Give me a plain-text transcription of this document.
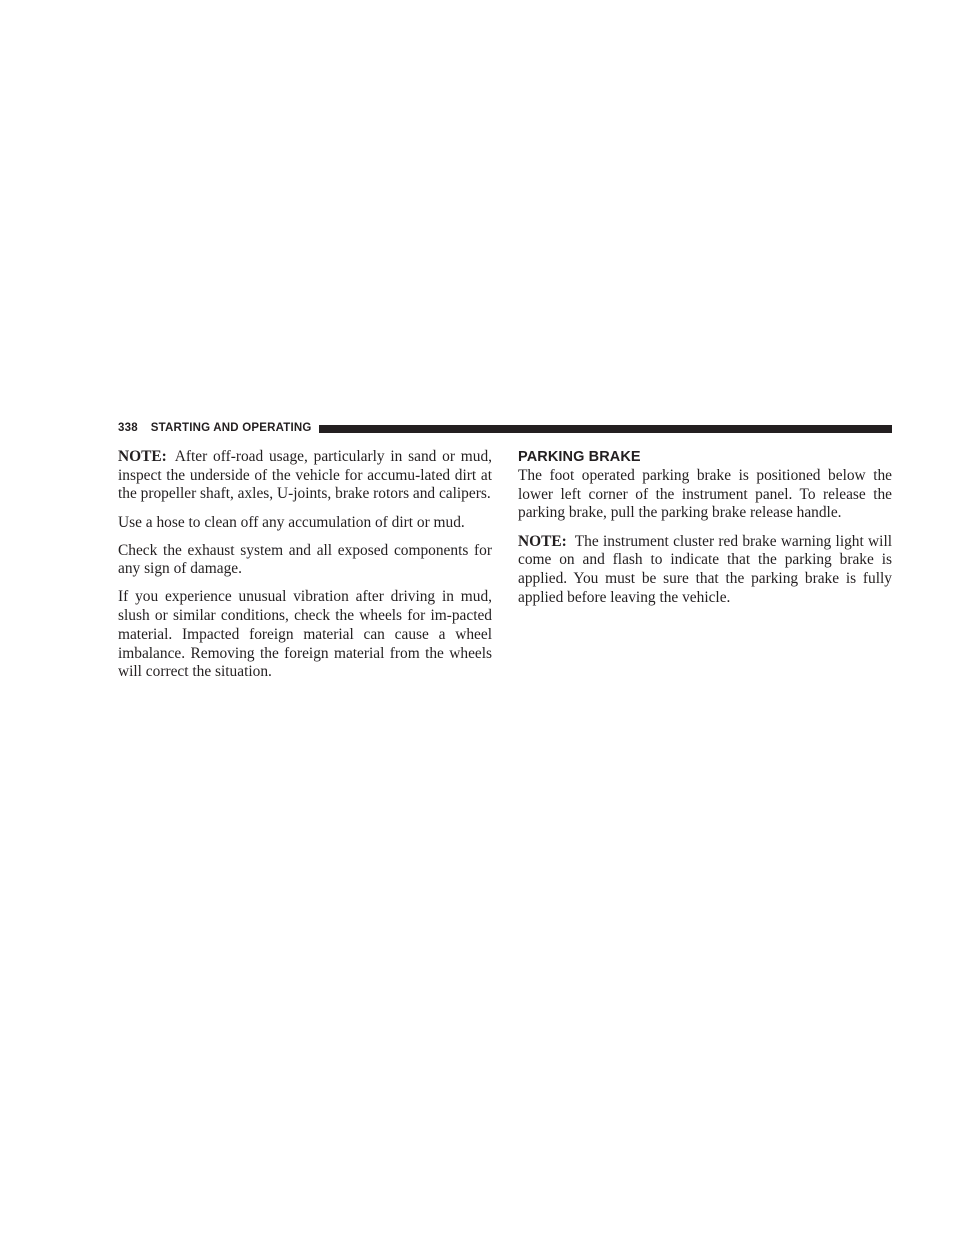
338 STARTING AND OPERATING

NOTE: After off-road usage, particularly in sand or mud, inspect the underside of the vehicle for accumu-lated dirt at the propeller shaft, axles, U-joints, brake rotors and calipers.

Use a hose to clean off any accumulation of dirt or mud.

Check the exhaust system and all exposed components for any sign of damage.

If you experience unusual vibration after driving in mud, slush or similar conditions, check the wheels for im-pacted material. Impacted foreign material can cause a wheel imbalance. Removing the foreign material from the wheels will correct the situation.

PARKING BRAKE

The foot operated parking brake is positioned below the lower left corner of the instrument panel. To release the parking brake, pull the parking brake release handle.

NOTE: The instrument cluster red brake warning light will come on and flash to indicate that the parking brake is applied. You must be sure that the parking brake is fully applied before leaving the vehicle.
